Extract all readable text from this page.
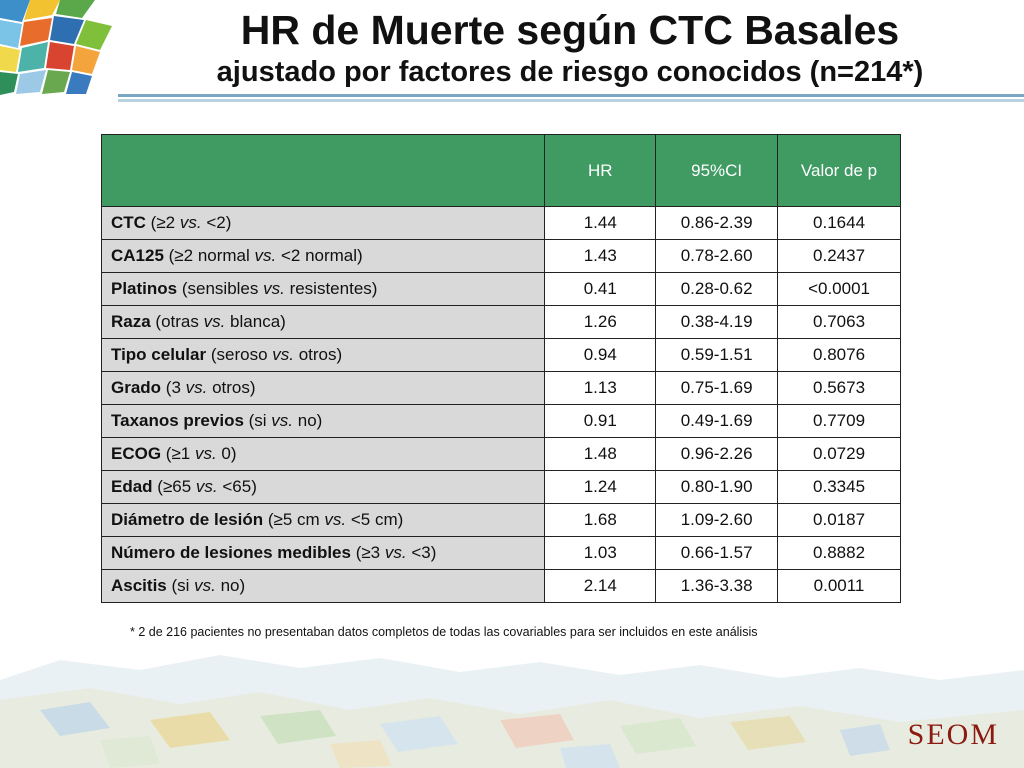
HR de Muerte según CTC Basales
ajustado por factores de riesgo conocidos (n=214*)
	HR	95%CI	Valor de p
CTC (≥2 vs. <2)	1.44	0.86-2.39	0.1644
CA125 (≥2 normal vs. <2 normal)	1.43	0.78-2.60	0.2437
Platinos (sensibles vs. resistentes)	0.41	0.28-0.62	<0.0001
Raza (otras vs. blanca)	1.26	0.38-4.19	0.7063
Tipo celular (seroso vs. otros)	0.94	0.59-1.51	0.8076
Grado (3 vs. otros)	1.13	0.75-1.69	0.5673
Taxanos previos (si vs. no)	0.91	0.49-1.69	0.7709
ECOG (≥1 vs. 0)	1.48	0.96-2.26	0.0729
Edad (≥65 vs. <65)	1.24	0.80-1.90	0.3345
Diámetro de lesión (≥5 cm vs. <5 cm)	1.68	1.09-2.60	0.0187
Número de lesiones medibles (≥3 vs. <3)	1.03	0.66-1.57	0.8882
Ascitis (si vs. no)	2.14	1.36-3.38	0.0011
* 2 de 216 pacientes no presentaban datos completos de todas las covariables para ser incluidos en este análisis
SEOM
